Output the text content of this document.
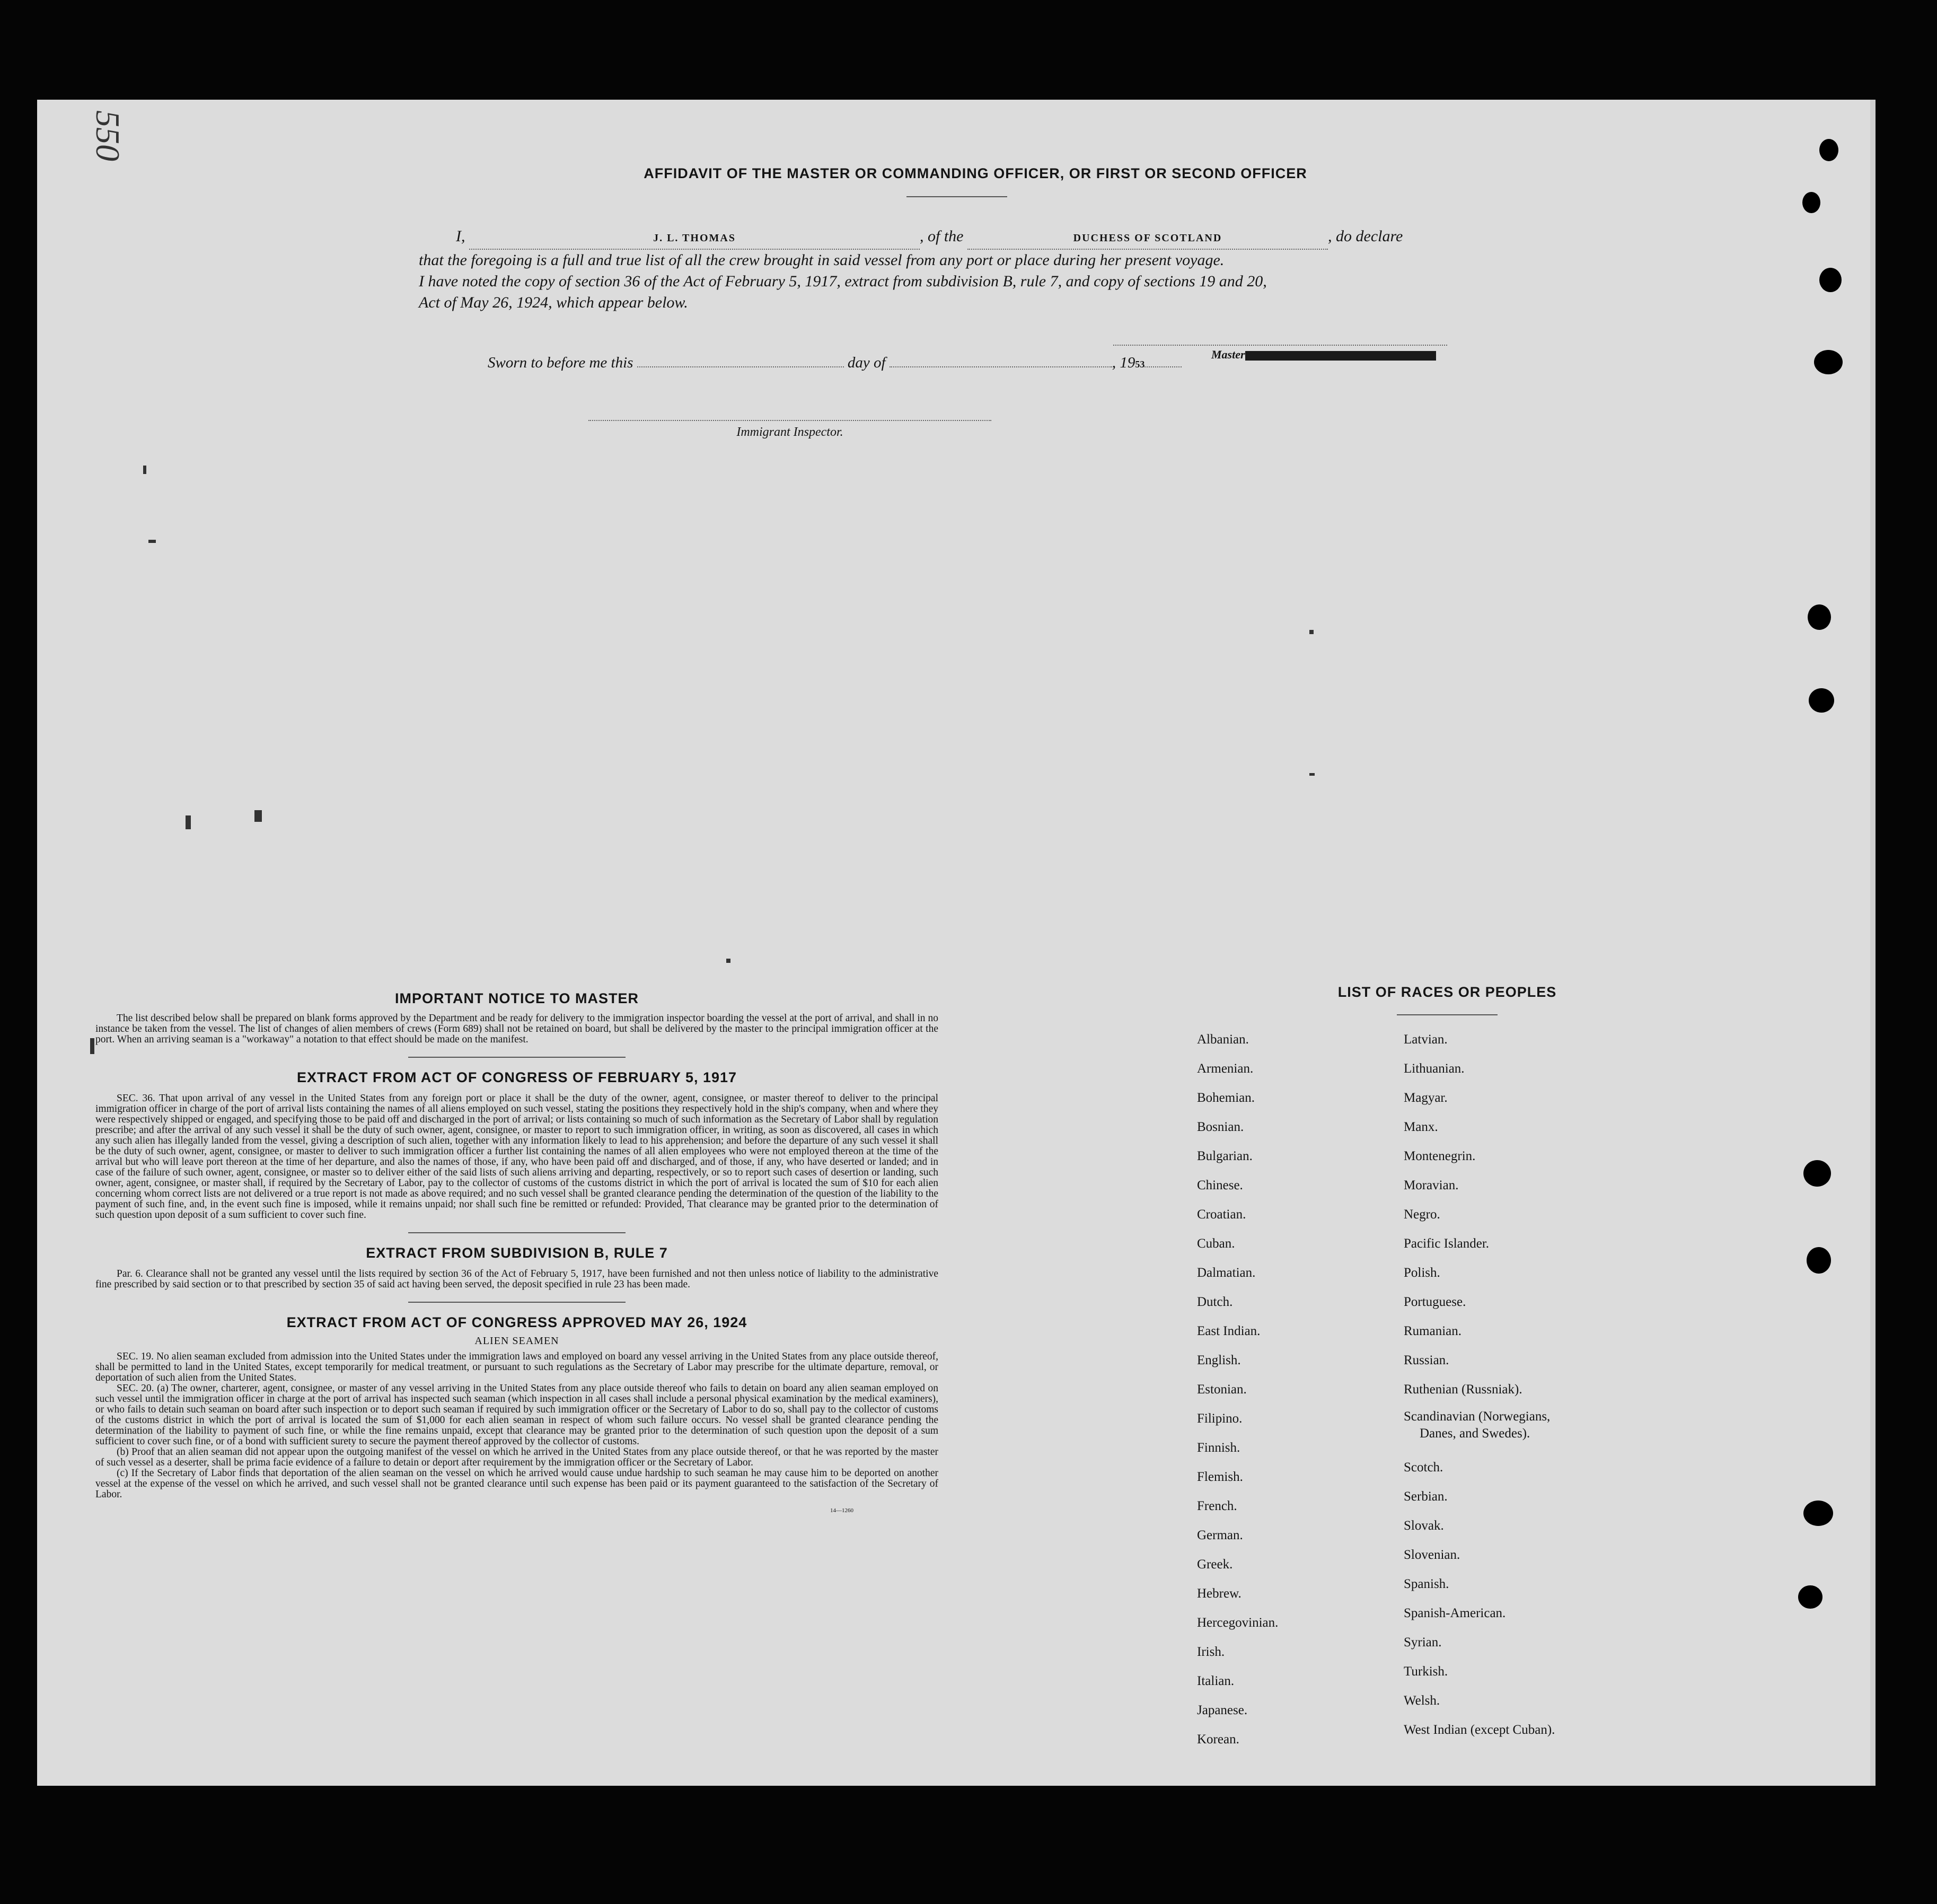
550
AFFIDAVIT OF THE MASTER OR COMMANDING OFFICER, OR FIRST OR SECOND OFFICER
I,	J. L. THOMAS	, of the	DUCHESS OF SCOTLAND	, do declare
that the foregoing is a full and true list of all the crew brought in said vessel from any port or place during her present voyage.
I have noted the copy of section 36 of the Act of February 5, 1917, extract from subdivision B, rule 7, and copy of sections 19 and 20,
Act of May 26, 1924, which appear below.
Master
Sworn to before me this	day of	, 1953
Immigrant Inspector.

IMPORTANT NOTICE TO MASTER

The list described below shall be prepared on blank forms approved by the Department and be ready for delivery to the immigration inspector boarding the vessel at the port of arrival, and shall in no instance be taken from the vessel. The list of changes of alien members of crews (Form 689) shall not be retained on board, but shall be delivered by the master to the principal immigration officer at the port. When an arriving seaman is a "workaway" a notation to that effect should be made on the manifest.

EXTRACT FROM ACT OF CONGRESS OF FEBRUARY 5, 1917

SEC. 36. That upon arrival of any vessel in the United States from any foreign port or place it shall be the duty of the owner, agent, consignee, or master thereof to deliver to the principal immigration officer in charge of the port of arrival lists containing the names of all aliens employed on such vessel, stating the positions they respectively hold in the ship's company, when and where they were respectively shipped or engaged, and specifying those to be paid off and discharged in the port of arrival; or lists containing so much of such information as the Secretary of Labor shall by regulation prescribe; and after the arrival of any such vessel it shall be the duty of such owner, agent, consignee, or master to report to such immigration officer, in writing, as soon as discovered, all cases in which any such alien has illegally landed from the vessel, giving a description of such alien, together with any information likely to lead to his apprehension; and before the departure of any such vessel it shall be the duty of such owner, agent, consignee, or master to deliver to such immigration officer a further list containing the names of all alien employees who were not employed thereon at the time of the arrival but who will leave port thereon at the time of her departure, and also the names of those, if any, who have been paid off and discharged, and of those, if any, who have deserted or landed; and in case of the failure of such owner, agent, consignee, or master so to deliver either of the said lists of such aliens arriving and departing, respectively, or so to report such cases of desertion or landing, such owner, agent, consignee, or master shall, if required by the Secretary of Labor, pay to the collector of customs of the customs district in which the port of arrival is located the sum of $10 for each alien concerning whom correct lists are not delivered or a true report is not made as above required; and no such vessel shall be granted clearance pending the determination of the question of the liability to the payment of such fine, and, in the event such fine is imposed, while it remains unpaid; nor shall such fine be remitted or refunded: Provided, That clearance may be granted prior to the determination of such question upon deposit of a sum sufficient to cover such fine.

EXTRACT FROM SUBDIVISION B, RULE 7

Par. 6. Clearance shall not be granted any vessel until the lists required by section 36 of the Act of February 5, 1917, have been furnished and not then unless notice of liability to the administrative fine prescribed by said section or to that prescribed by section 35 of said act having been served, the deposit specified in rule 23 has been made.

EXTRACT FROM ACT OF CONGRESS APPROVED MAY 26, 1924

ALIEN SEAMEN

SEC. 19. No alien seaman excluded from admission into the United States under the immigration laws and employed on board any vessel arriving in the United States from any place outside thereof, shall be permitted to land in the United States, except temporarily for medical treatment, or pursuant to such regulations as the Secretary of Labor may prescribe for the ultimate departure, removal, or deportation of such alien from the United States.

SEC. 20. (a) The owner, charterer, agent, consignee, or master of any vessel arriving in the United States from any place outside thereof who fails to detain on board any alien seaman employed on such vessel until the immigration officer in charge at the port of arrival has inspected such seaman (which inspection in all cases shall include a personal physical examination by the medical examiners), or who fails to detain such seaman on board after such inspection or to deport such seaman if required by such immigration officer or the Secretary of Labor to do so, shall pay to the collector of customs of the customs district in which the port of arrival is located the sum of $1,000 for each alien seaman in respect of whom such failure occurs. No vessel shall be granted clearance pending the determination of the liability to payment of such fine, or while the fine remains unpaid, except that clearance may be granted prior to the determination of such question upon the deposit of a sum sufficient to cover such fine, or of a bond with sufficient surety to secure the payment thereof approved by the collector of customs.

(b) Proof that an alien seaman did not appear upon the outgoing manifest of the vessel on which he arrived in the United States from any place outside thereof, or that he was reported by the master of such vessel as a deserter, shall be prima facie evidence of a failure to detain or deport after requirement by the immigration officer or the Secretary of Labor.

(c) If the Secretary of Labor finds that deportation of the alien seaman on the vessel on which he arrived would cause undue hardship to such seaman he may cause him to be deported on another vessel at the expense of the vessel on which he arrived, and such vessel shall not be granted clearance until such expense has been paid or its payment guaranteed to the satisfaction of the Secretary of Labor.

14—1260
LIST OF RACES OR PEOPLES
Albanian.
Armenian.
Bohemian.
Bosnian.
Bulgarian.
Chinese.
Croatian.
Cuban.
Dalmatian.
Dutch.
East Indian.
English.
Estonian.
Filipino.
Finnish.
Flemish.
French.
German.
Greek.
Hebrew.
Hercegovinian.
Irish.
Italian.
Japanese.
Korean.
Latvian.
Lithuanian.
Magyar.
Manx.
Montenegrin.
Moravian.
Negro.
Pacific Islander.
Polish.
Portuguese.
Rumanian.
Russian.
Ruthenian (Russniak).
Scandinavian (Norwegians,
Danes, and Swedes).
Scotch.
Serbian.
Slovak.
Slovenian.
Spanish.
Spanish-American.
Syrian.
Turkish.
Welsh.
West Indian (except Cuban).
